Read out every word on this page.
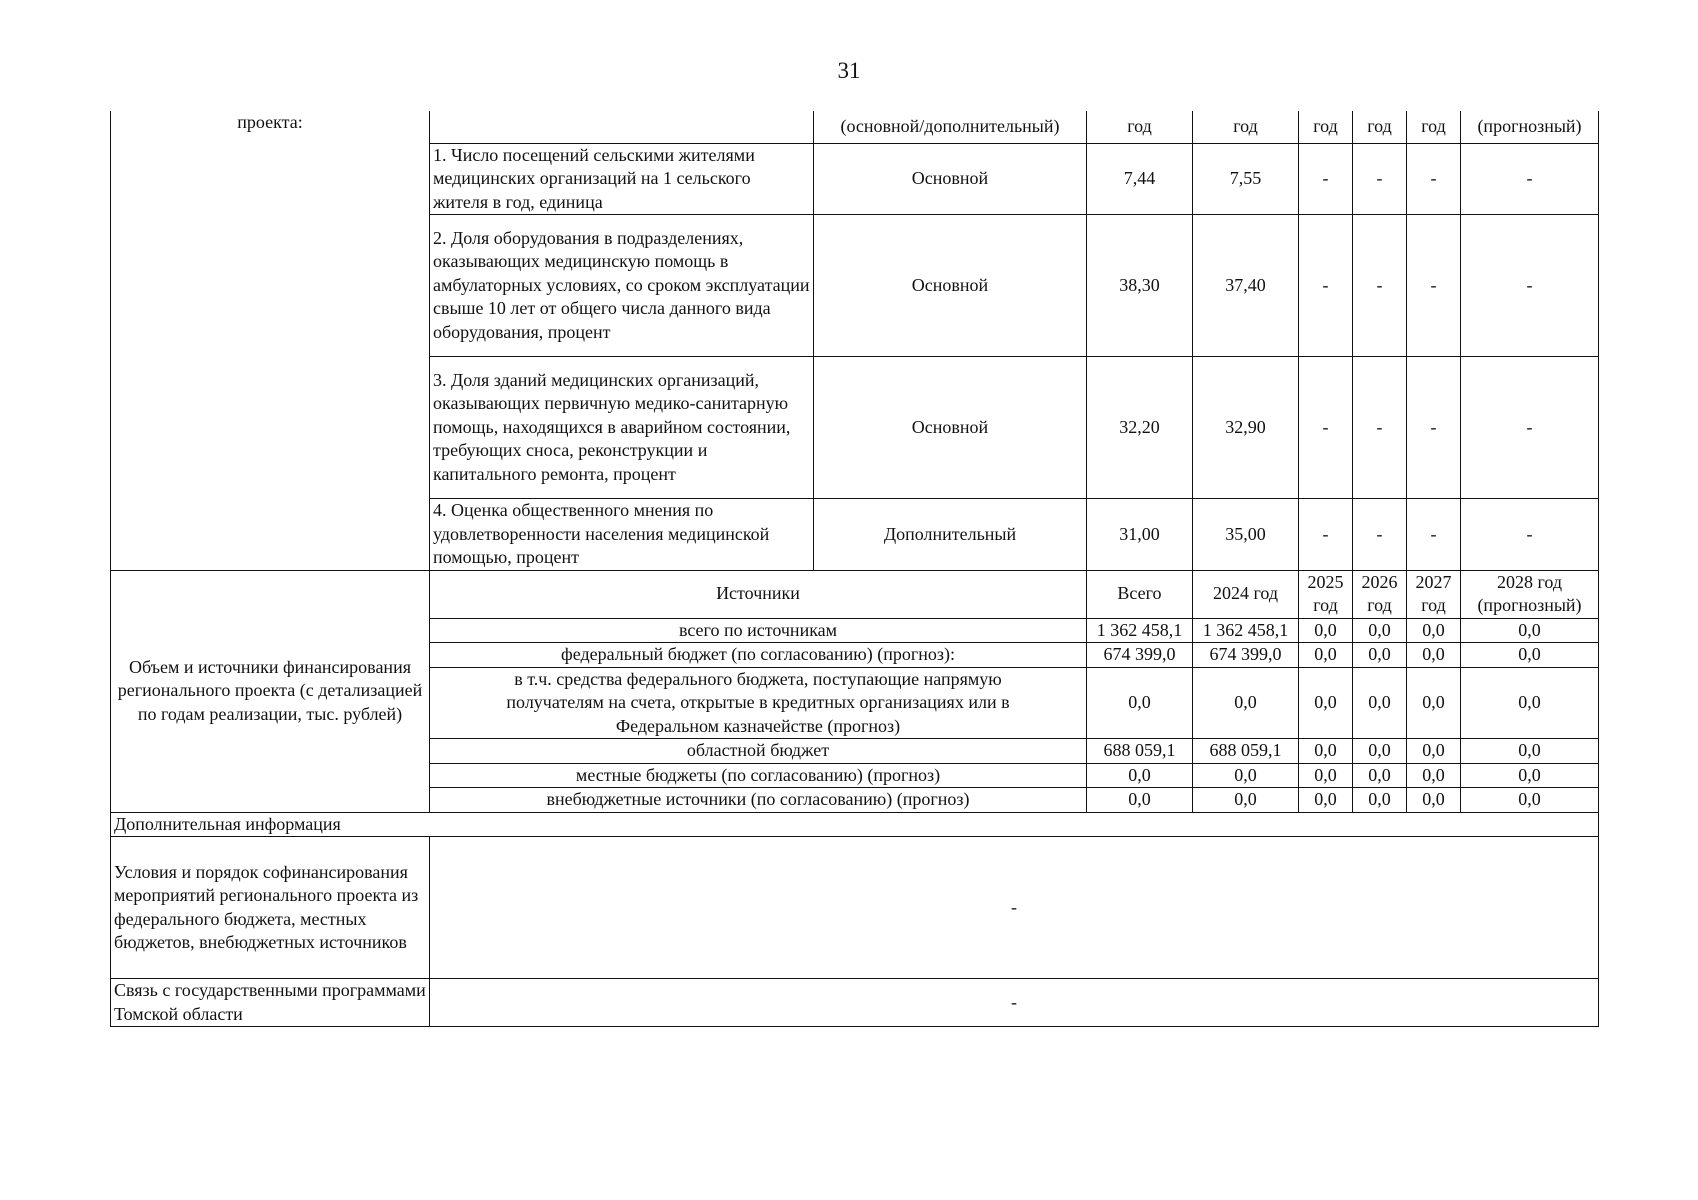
31
проекта:		(основной/дополнительный)	год	год	год	год	год	(прогнозный)
	1. Число посещений сельскими жителями медицинских организаций на 1 сельского жителя в год, единица	Основной	7,44	7,55	-	-	-	-
	2. Доля оборудования в подразделениях, оказывающих медицинскую помощь в амбулаторных условиях, со сроком эксплуатации свыше 10 лет от общего числа данного вида оборудования, процент	Основной	38,30	37,40	-	-	-	-
	3. Доля зданий медицинских организаций, оказывающих первичную медико-санитарную помощь, находящихся в аварийном состоянии, требующих сноса, реконструкции и капитального ремонта, процент	Основной	32,20	32,90	-	-	-	-
	4. Оценка общественного мнения по удовлетворенности населения медицинской помощью, процент	Дополнительный	31,00	35,00	-	-	-	-
Объем и источники финансирования регионального проекта (с детализацией по годам реализации, тыс. рублей)	Источники		Всего	2024 год	2025 год	2026 год	2027 год	2028 год (прогнозный)
	всего по источникам		1 362 458,1	1 362 458,1	0,0	0,0	0,0	0,0
	федеральный бюджет (по согласованию) (прогноз):		674 399,0	674 399,0	0,0	0,0	0,0	0,0
	в т.ч. средства федерального бюджета, поступающие напрямую получателям на счета, открытые в кредитных организациях или в Федеральном казначействе (прогноз)		0,0	0,0	0,0	0,0	0,0	0,0
	областной бюджет		688 059,1	688 059,1	0,0	0,0	0,0	0,0
	местные бюджеты (по согласованию) (прогноз)		0,0	0,0	0,0	0,0	0,0	0,0
	внебюджетные источники (по согласованию) (прогноз)		0,0	0,0	0,0	0,0	0,0	0,0
Дополнительная информация								
Условия и порядок софинансирования мероприятий регионального проекта из федерального бюджета, местных бюджетов, внебюджетных источников	-							
Связь с государственными программами Томской области	-							
